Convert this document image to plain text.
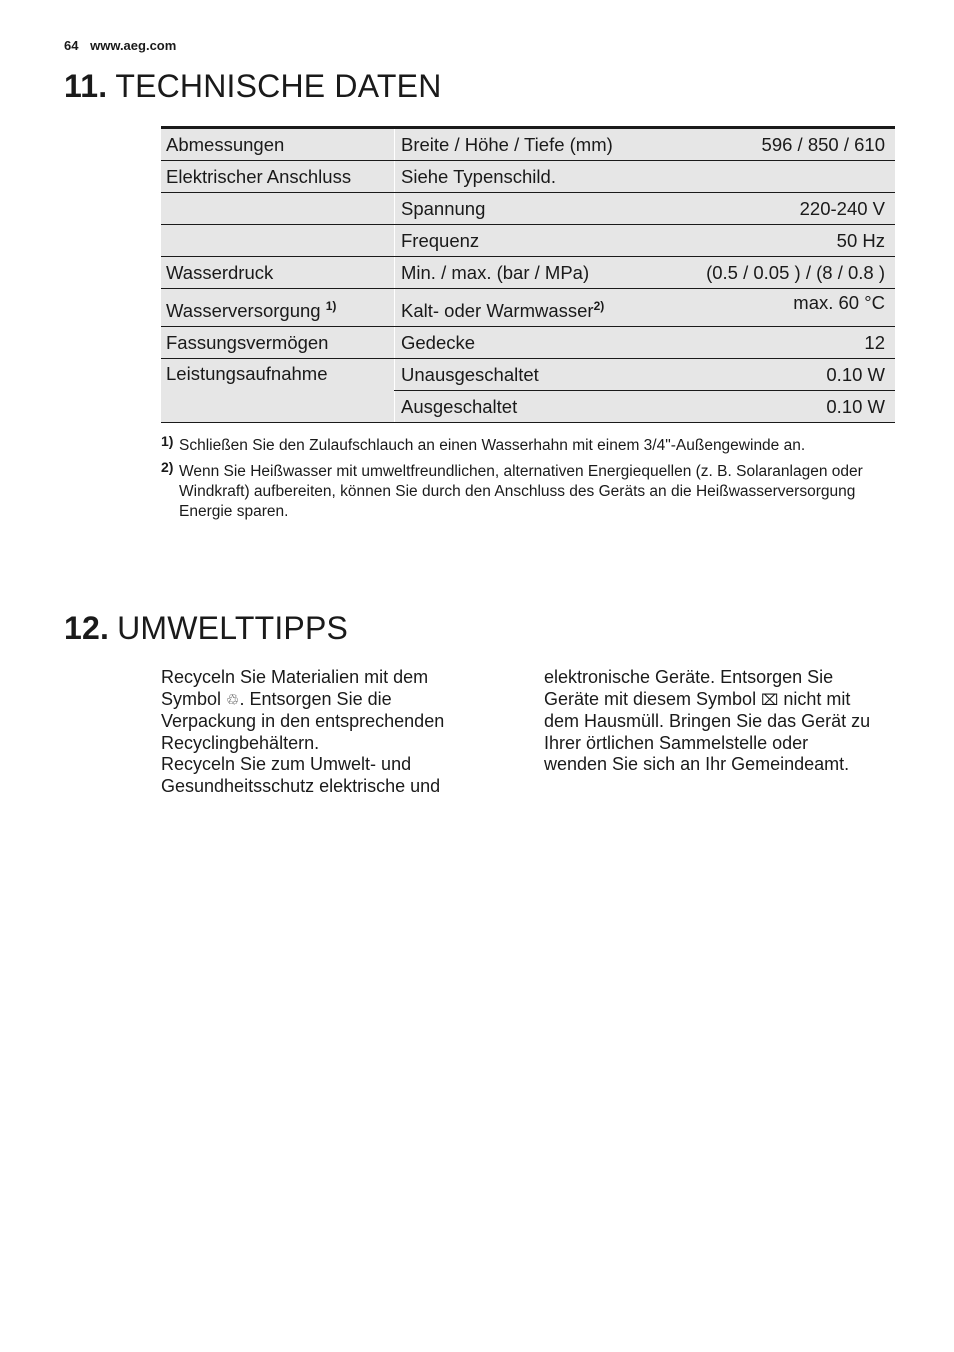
64 www.aeg.com
11. TECHNISCHE DATEN
Abmessungen	Breite / Höhe / Tiefe (mm)	596 / 850 / 610
Elektrischer Anschluss	Siehe Typenschild.	
	Spannung	220-240 V
	Frequenz	50 Hz
Wasserdruck	Min. / max. (bar / MPa)	(0.5 / 0.05 ) / (8 / 0.8 )
Wasserversorgung $^{1)}$	Kalt- oder Warmwasser$^{2)}$	max. 60 °C
Fassungsvermögen	Gedecke	12
Leistungsaufnahme	Unausgeschaltet	0.10 W
	Ausgeschaltet	0.10 W
1) Schließen Sie den Zulaufschlauch an einen Wasserhahn mit einem 3/4"-Außengewinde an.
2) Wenn Sie Heißwasser mit umweltfreundlichen, alternativen Energiequellen (z. B. Solaranlagen oder Windkraft) aufbereiten, können Sie durch den Anschluss des Geräts an die Heißwasserversorgung Energie sparen.
12. UMWELTTIPPS
Recyceln Sie Materialien mit dem Symbol ♲. Entsorgen Sie die Verpackung in den entsprechenden Recyclingbehältern.
Recyceln Sie zum Umwelt- und Gesundheitsschutz elektrische und
elektronische Geräte. Entsorgen Sie Geräte mit diesem Symbol ⌧ nicht mit dem Hausmüll. Bringen Sie das Gerät zu Ihrer örtlichen Sammelstelle oder wenden Sie sich an Ihr Gemeindeamt.
